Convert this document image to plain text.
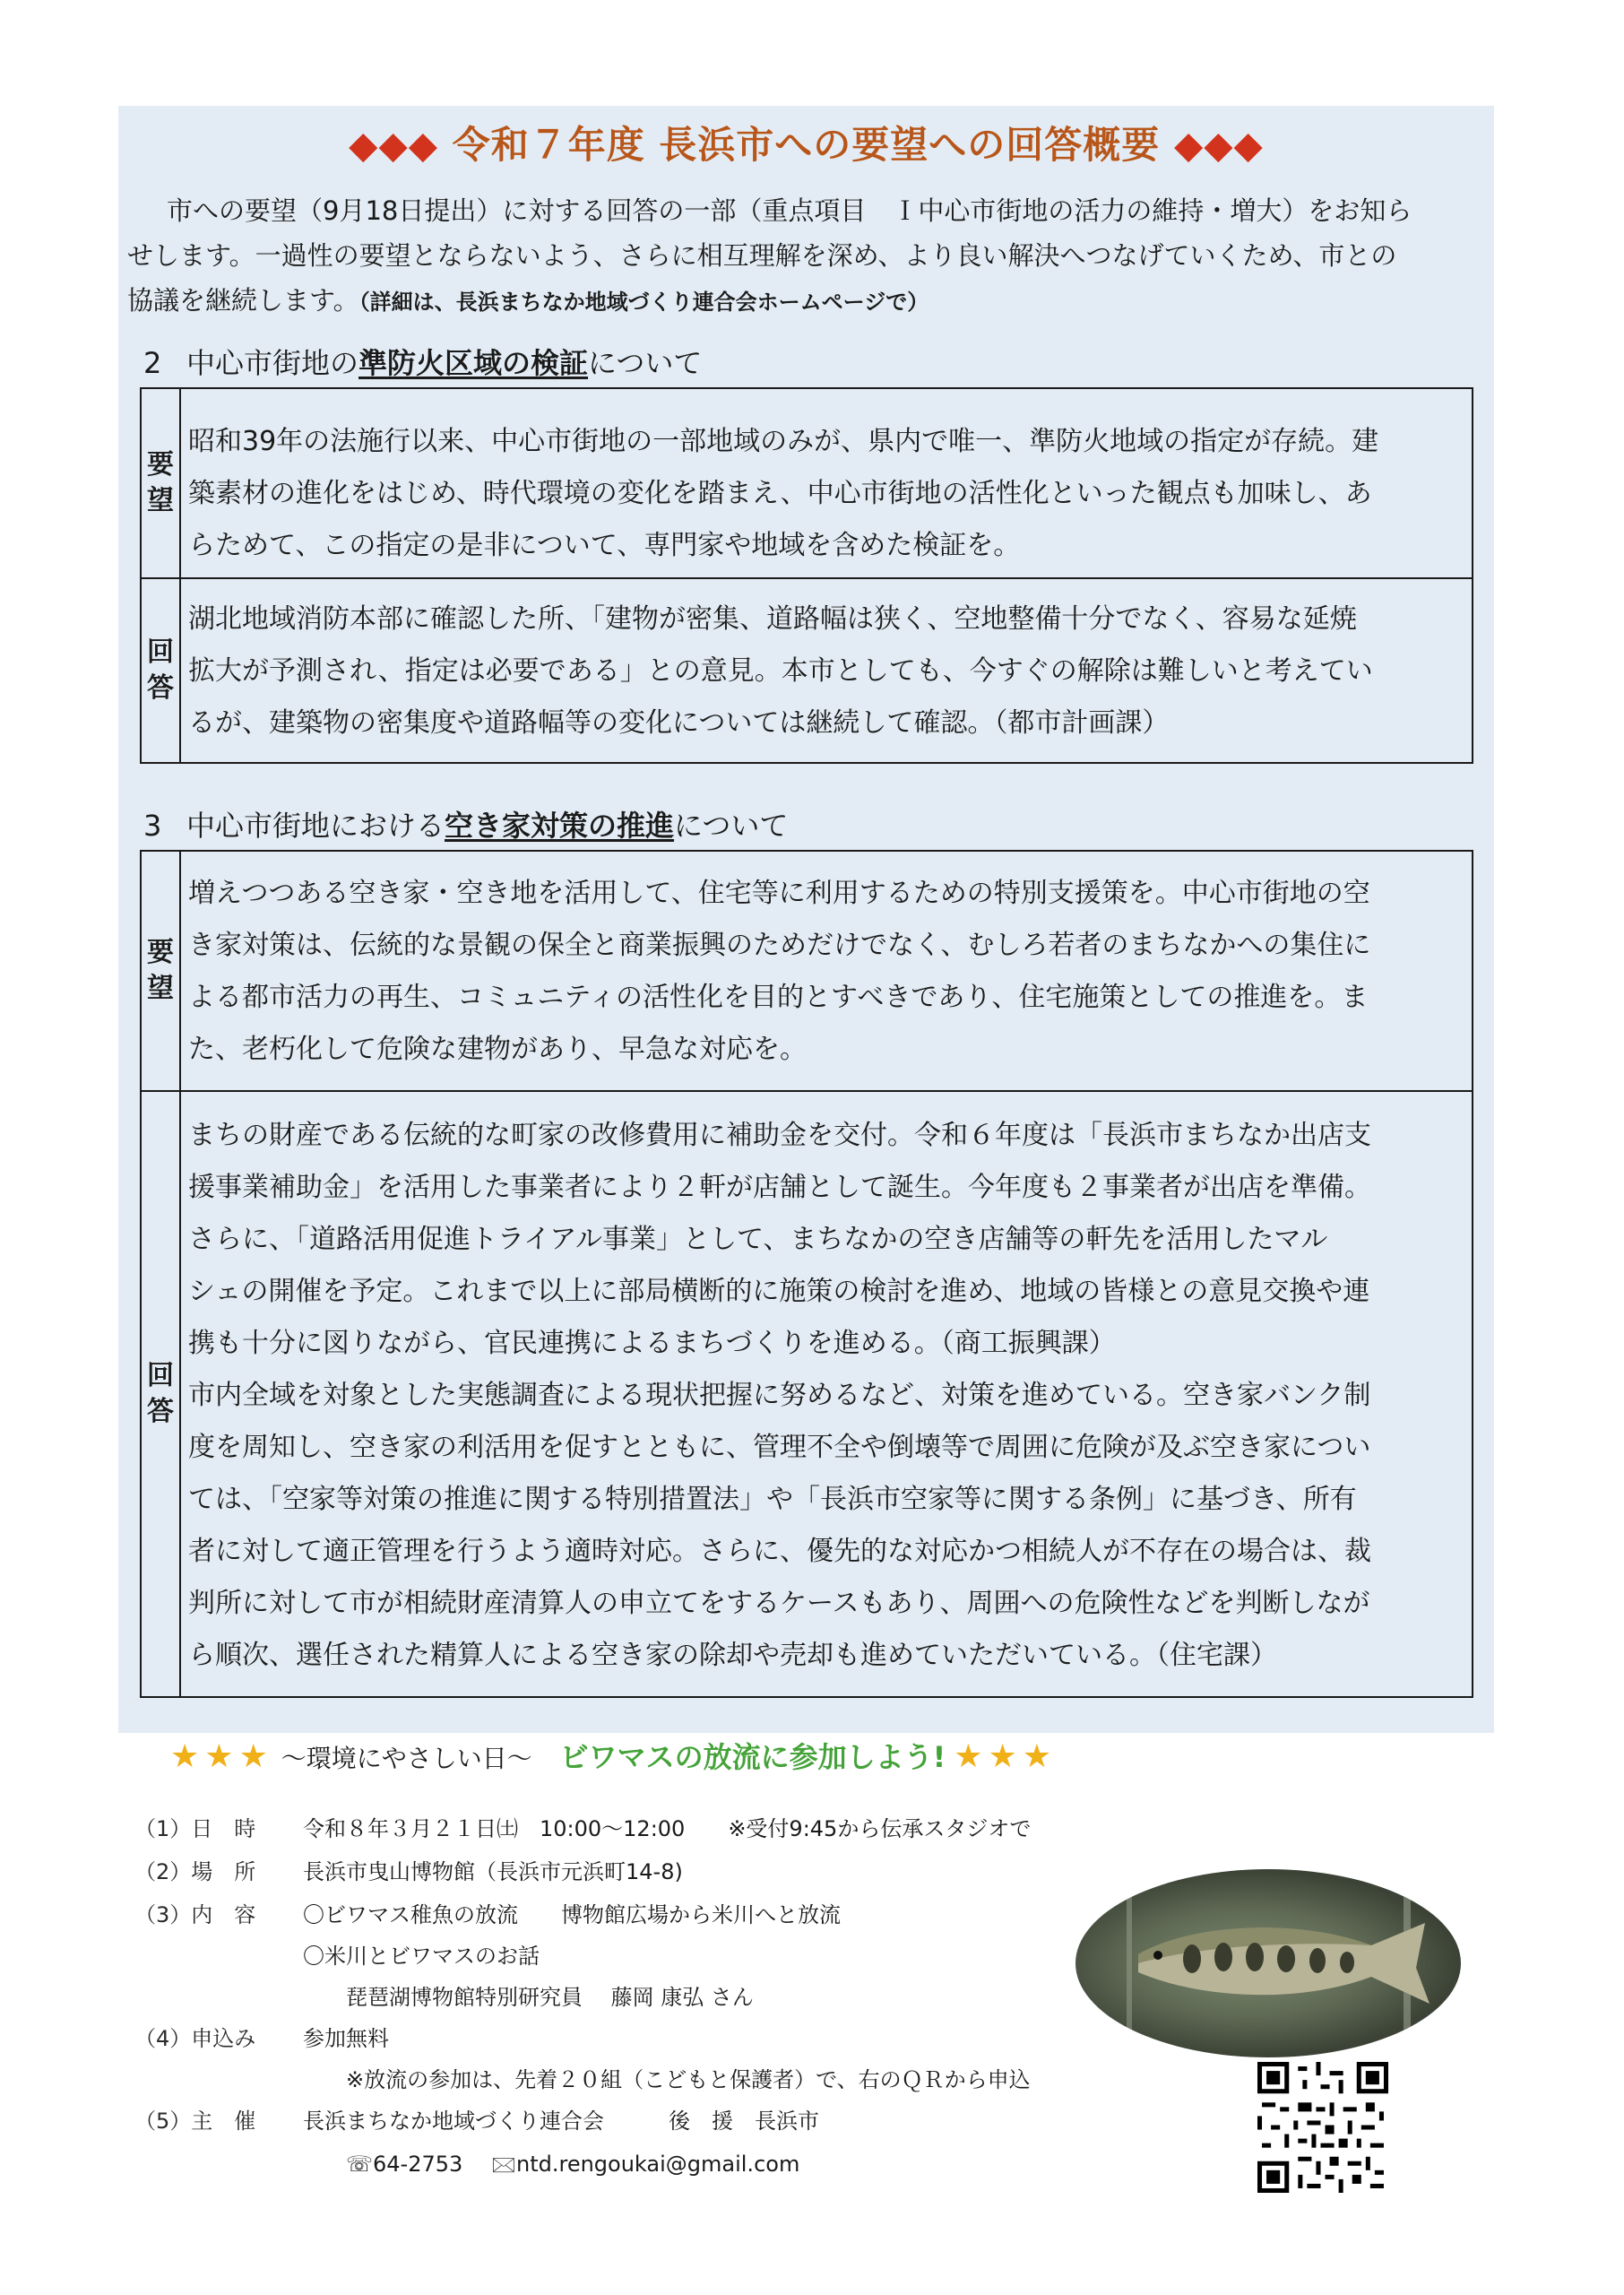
◆◆◆ 令和７年度 長浜市への要望への回答概要 ◆◆◆
市への要望（9月18日提出）に対する回答の一部（重点項目　Ｉ中心市街地の活力の維持・増大）をお知ら
せします。一過性の要望とならないよう、さらに相互理解を深め、より良い解決へつなげていくため、市との
協議を継続します。（詳細は、長浜まちなか地域づくり連合会ホームページで）
2 中心市街地の準防火区域の検証について
要
望
昭和39年の法施行以来、中心市街地の一部地域のみが、県内で唯一、準防火地域の指定が存続。建
築素材の進化をはじめ、時代環境の変化を踏まえ、中心市街地の活性化といった観点も加味し、あ
らためて、この指定の是非について、専門家や地域を含めた検証を。
回
答
湖北地域消防本部に確認した所、「建物が密集、道路幅は狭く、空地整備十分でなく、容易な延焼
拡大が予測され、指定は必要である」との意見。本市としても、今すぐの解除は難しいと考えてい
るが、建築物の密集度や道路幅等の変化については継続して確認。（都市計画課）
3 中心市街地における空き家対策の推進について
要
望
増えつつある空き家・空き地を活用して、住宅等に利用するための特別支援策を。中心市街地の空
き家対策は、伝統的な景観の保全と商業振興のためだけでなく、むしろ若者のまちなかへの集住に
よる都市活力の再生、コミュニティの活性化を目的とすべきであり、住宅施策としての推進を。ま
た、老朽化して危険な建物があり、早急な対応を。
回
答
まちの財産である伝統的な町家の改修費用に補助金を交付。令和６年度は「長浜市まちなか出店支
援事業補助金」を活用した事業者により２軒が店舗として誕生。今年度も２事業者が出店を準備。
さらに、「道路活用促進トライアル事業」として、まちなかの空き店舗等の軒先を活用したマル
シェの開催を予定。これまで以上に部局横断的に施策の検討を進め、地域の皆様との意見交換や連
携も十分に図りながら、官民連携によるまちづくりを進める。（商工振興課）
市内全域を対象とした実態調査による現状把握に努めるなど、対策を進めている。空き家バンク制
度を周知し、空き家の利活用を促すとともに、管理不全や倒壊等で周囲に危険が及ぶ空き家につい
ては、「空家等対策の推進に関する特別措置法」や「長浜市空家等に関する条例」に基づき、所有
者に対して適正管理を行うよう適時対応。さらに、優先的な対応かつ相続人が不存在の場合は、裁
判所に対して市が相続財産清算人の申立てをするケースもあり、周囲への危険性などを判断しなが
ら順次、選任された精算人による空き家の除却や売却も進めていただいている。（住宅課）
★ ★ ★ ～環境にやさしい日～ ビワマスの放流に参加しよう! ★ ★ ★
（1）日　時 令和８年３月２１日㈯　10:00～12:00　　※受付9:45から伝承スタジオで
（2）場　所 長浜市曳山博物館（長浜市元浜町14-8)
（3）内　容 〇ビワマス稚魚の放流　　博物館広場から米川へと放流
〇米川とビワマスのお話
　　琵琶湖博物館特別研究員　 藤岡 康弘 さん
（4）申込み 参加無料
　　※放流の参加は、先着２０組（こどもと保護者）で、右のＱＲから申込
（5）主　催 長浜まちなか地域づくり連合会　　　後　援　長浜市
　　☏64-2753　 🖂ntd.rengoukai@gmail.com
